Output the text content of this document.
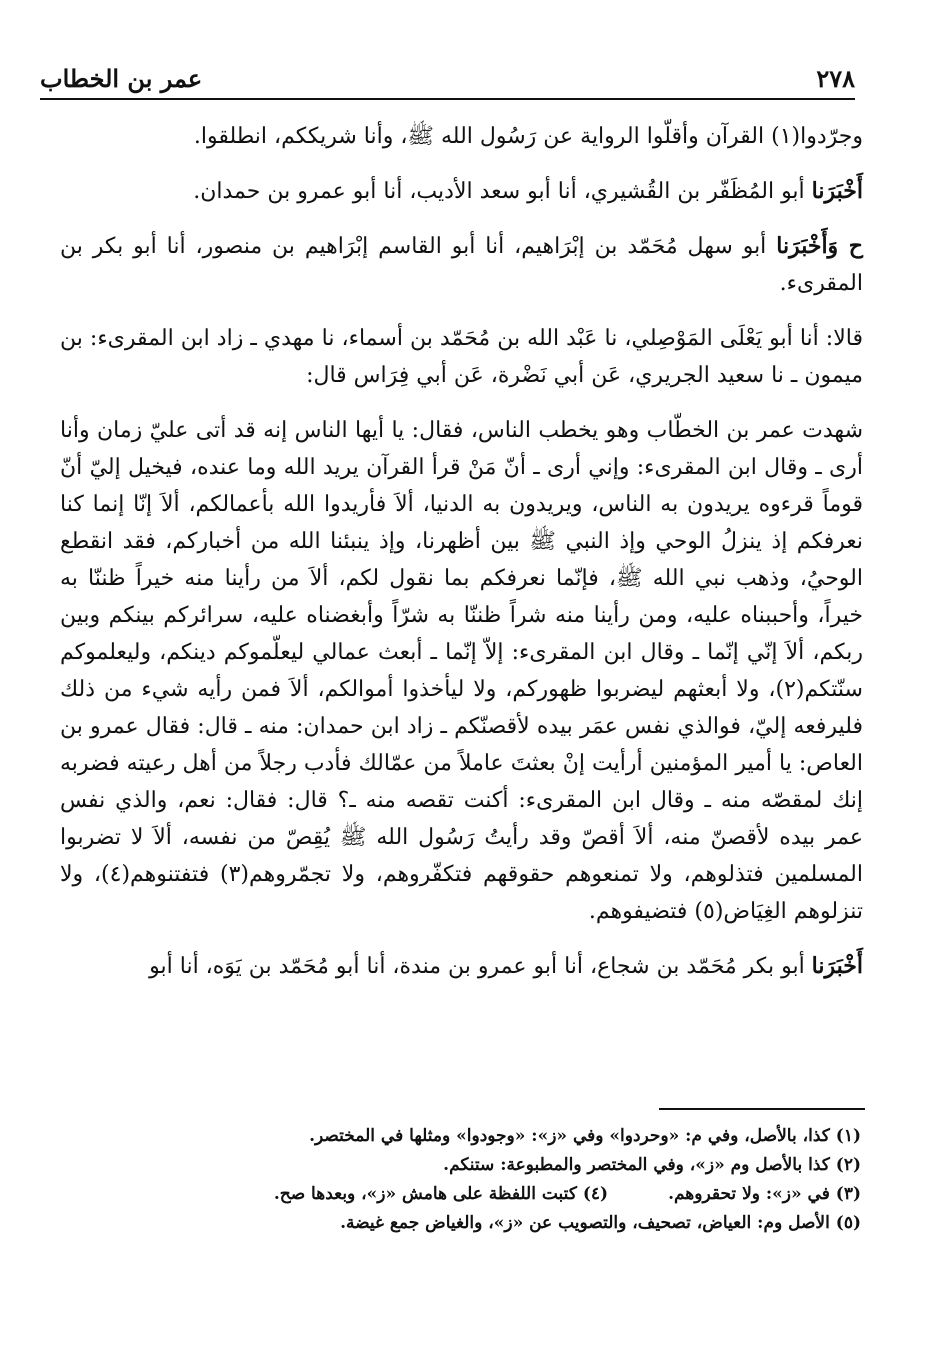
٢٧٨
عمر بن الخطاب

وجرّدوا(١) القرآن وأقلّوا الرواية عن رَسُول الله ﷺ، وأنا شريككم، انطلقوا.

أَخْبَرَنا أبو المُظَفّر بن القُشيري، أنا أبو سعد الأديب، أنا أبو عمرو بن حمدان.

ح وَأَخْبَرَنا أبو سهل مُحَمّد بن إبْرَاهيم، أنا أبو القاسم إبْرَاهيم بن منصور، أنا أبو بكر بن المقرىء.

قالا: أنا أبو يَعْلَى المَوْصِلي، نا عَبْد الله بن مُحَمّد بن أسماء، نا مهدي ـ زاد ابن المقرىء: بن ميمون ـ نا سعيد الجريري، عَن أبي نَضْرة، عَن أبي فِرَاس قال:

شهدت عمر بن الخطّاب وهو يخطب الناس، فقال: يا أيها الناس إنه قد أتى عليّ زمان وأنا أرى ـ وقال ابن المقرىء: وإني أرى ـ أنّ مَنْ قرأ القرآن يريد الله وما عنده، فيخيل إليّ أنّ قوماً قرءوه يريدون به الناس، ويريدون به الدنيا، ألاَ فأريدوا الله بأعمالكم، ألاَ إنّا إنما كنا نعرفكم إذ ينزلُ الوحي وإذ النبي ﷺ بين أظهرنا، وإذ ينبئنا الله من أخباركم، فقد انقطع الوحيُ، وذهب نبي الله ﷺ، فإنّما نعرفكم بما نقول لكم، ألاَ من رأينا منه خيراً ظننّا به خيراً، وأحببناه عليه، ومن رأينا منه شراً ظننّا به شرّاً وأبغضناه عليه، سرائركم بينكم وبين ربكم، ألاَ إنّي إنّما ـ وقال ابن المقرىء: إلاّ إنّما ـ أبعث عمالي ليعلّموكم دينكم، وليعلموكم سنّتكم(٢)، ولا أبعثهم ليضربوا ظهوركم، ولا ليأخذوا أموالكم، ألاَ فمن رأيه شيء من ذلك فليرفعه إليّ، فوالذي نفس عمَر بيده لأقصنّكم ـ زاد ابن حمدان: منه ـ قال: فقال عمرو بن العاص: يا أمير المؤمنين أرأيت إنْ بعثتَ عاملاً من عمّالك فأدب رجلاً من أهل رعيته فضربه إنك لمقصّه منه ـ وقال ابن المقرىء: أكنت تقصه منه ـ؟ قال: فقال: نعم، والذي نفس عمر بيده لأقصنّ منه، ألاَ أقصّ وقد رأيتُ رَسُول الله ﷺ يُقِصّ من نفسه، ألاَ لا تضربوا المسلمين فتذلوهم، ولا تمنعوهم حقوقهم فتكفّروهم، ولا تجمّروهم(٣) فتفتنوهم(٤)، ولا تنزلوهم الغِيَاض(٥) فتضيفوهم.

أَخْبَرَنا أبو بكر مُحَمّد بن شجاع، أنا أبو عمرو بن مندة، أنا أبو مُحَمّد بن يَوَه، أنا أبو

(١) كذا، بالأصل، وفي م: «وحردوا» وفي «ز»: «وجودوا» ومثلها في المختصر.
(٢) كذا بالأصل وم «ز»، وفي المختصر والمطبوعة: ستنكم.
(٣) في «ز»: ولا تحقروهم.(٤) كتبت اللفظة على هامش «ز»، وبعدها صح.
(٥) الأصل وم: العياض، تصحيف، والتصويب عن «ز»، والغياض جمع غيضة.
